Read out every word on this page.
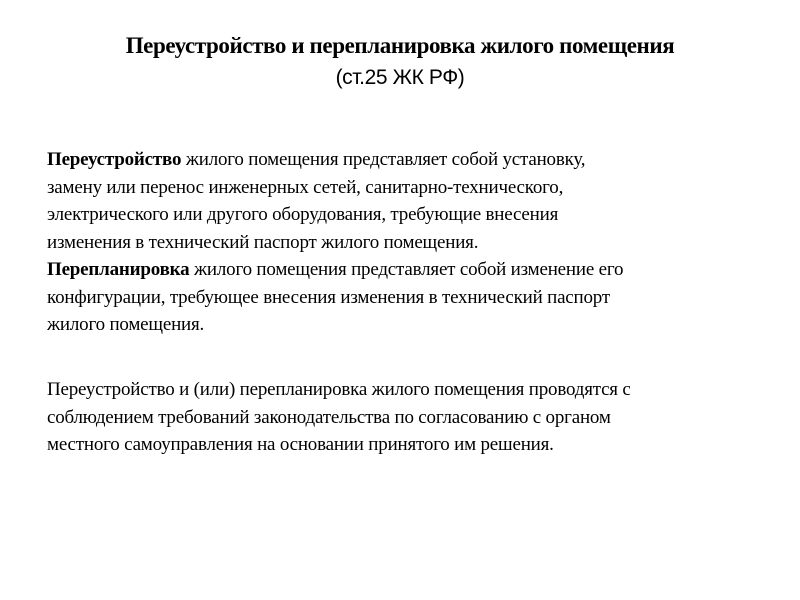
Переустройство и перепланировка жилого помещения
(ст.25 ЖК РФ)
Переустройство жилого помещения представляет собой установку,
замену или перенос инженерных сетей, санитарно-технического,
электрического или другого оборудования, требующие внесения
изменения в технический паспорт жилого помещения.
Перепланировка жилого помещения представляет собой изменение его
конфигурации, требующее внесения изменения в технический паспорт
жилого помещения.
Переустройство и (или) перепланировка жилого помещения проводятся с
соблюдением требований законодательства по согласованию с органом
местного самоуправления на основании принятого им решения.
